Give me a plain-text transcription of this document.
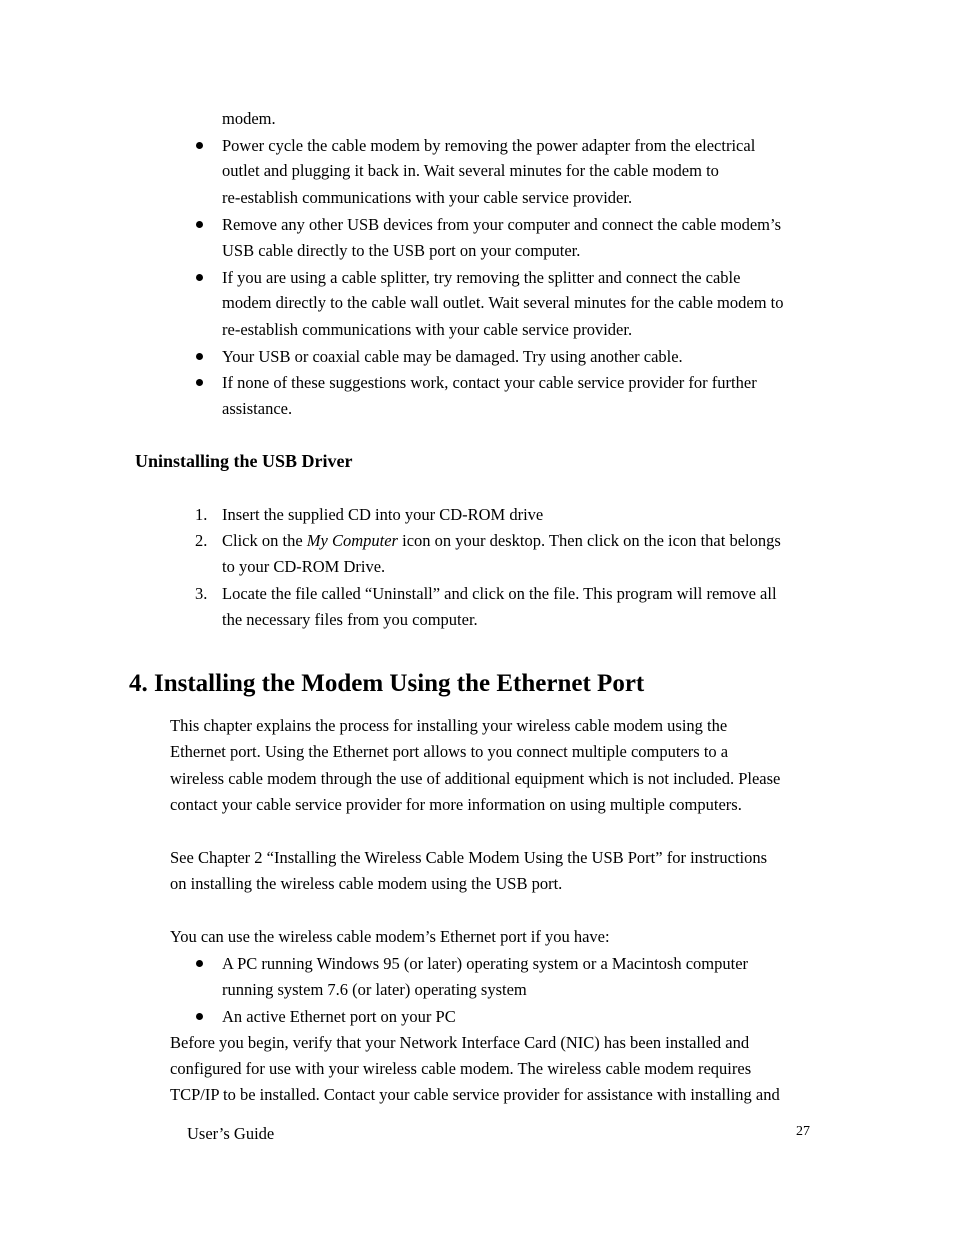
modem.
Power cycle the cable modem by removing the power adapter from the electrical
outlet and plugging it back in. Wait several minutes for the cable modem to
re-establish communications with your cable service provider.
Remove any other USB devices from your computer and connect the cable modem’s
USB cable directly to the USB port on your computer.
If you are using a cable splitter, try removing the splitter and connect the cable
modem directly to the cable wall outlet. Wait several minutes for the cable modem to
re-establish communications with your cable service provider.
Your USB or coaxial cable may be damaged. Try using another cable.
If none of these suggestions work, contact your cable service provider for further
assistance.
Uninstalling the USB Driver
1. Insert the supplied CD into your CD-ROM drive
2. Click on the My Computer icon on your desktop. Then click on the icon that belongs
to your CD-ROM Drive.
3. Locate the file called “Uninstall” and click on the file. This program will remove all
the necessary files from you computer.
4. Installing the Modem Using the Ethernet Port
This chapter explains the process for installing your wireless cable modem using the
Ethernet port. Using the Ethernet port allows to you connect multiple computers to a
wireless cable modem through the use of additional equipment which is not included. Please
contact your cable service provider for more information on using multiple computers.
See Chapter 2 “Installing the Wireless Cable Modem Using the USB Port” for instructions
on installing the wireless cable modem using the USB port.
You can use the wireless cable modem’s Ethernet port if you have:
A PC running Windows 95 (or later) operating system or a Macintosh computer
running system 7.6 (or later) operating system
An active Ethernet port on your PC
Before you begin, verify that your Network Interface Card (NIC) has been installed and
configured for use with your wireless cable modem. The wireless cable modem requires
TCP/IP to be installed. Contact your cable service provider for assistance with installing and
User’s Guide	27
